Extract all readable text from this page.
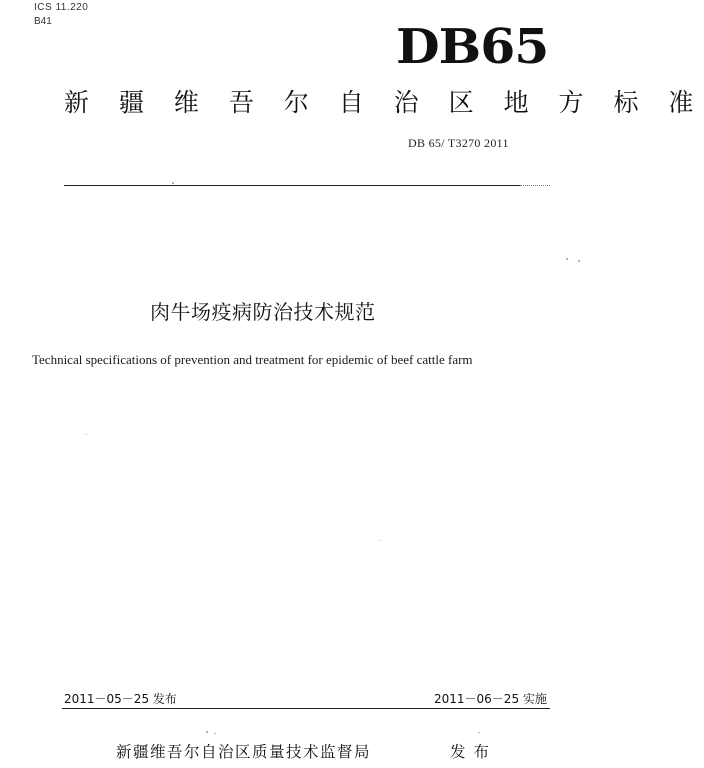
ICS 11.220
B41	DB65
新 疆 维 吾 尔 自 治 区 地 方 标 准
DB 65/ T3270 2011
肉牛场疫病防治技术规范
Technical specifications of prevention and treatment for epidemic of beef cattle farm
2011－05－25 发布	2011－06－25 实施
新疆维吾尔自治区质量技术监督局	发布
